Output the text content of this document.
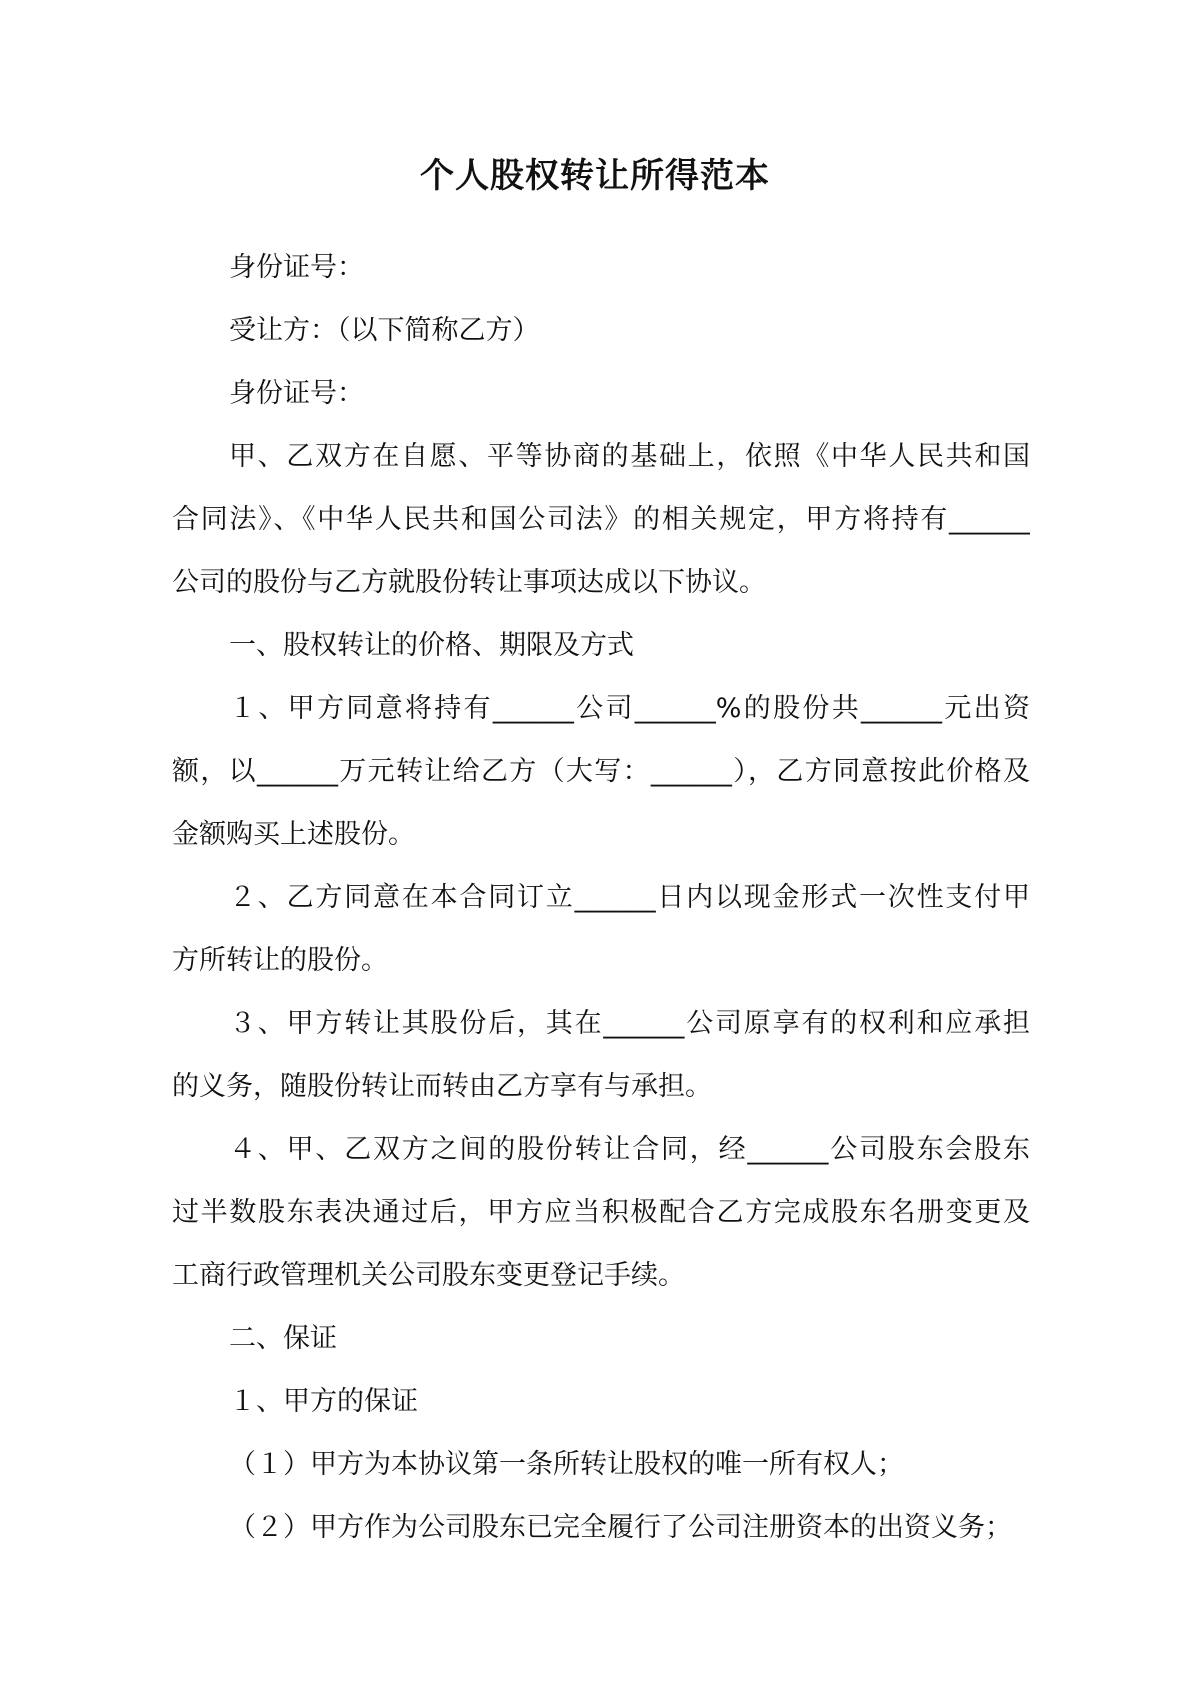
个人股权转让所得范本
身份证号：
受让方：（以下简称乙方）
身份证号：
甲、乙双方在自愿、平等协商的基础上，依照《中华人民共和国
合同法》、《中华人民共和国公司法》的相关规定，甲方将持有______
公司的股份与乙方就股份转让事项达成以下协议。
一、股权转让的价格、期限及方式
１、甲方同意将持有______公司______%的股份共______元出资
额，以______万元转让给乙方（大写：______），乙方同意按此价格及
金额购买上述股份。
２、乙方同意在本合同订立______日内以现金形式一次性支付甲
方所转让的股份。
３、甲方转让其股份后，其在______公司原享有的权利和应承担
的义务，随股份转让而转由乙方享有与承担。
４、甲、乙双方之间的股份转让合同，经______公司股东会股东
过半数股东表决通过后，甲方应当积极配合乙方完成股东名册变更及
工商行政管理机关公司股东变更登记手续。
二、保证
１、甲方的保证
（１）甲方为本协议第一条所转让股权的唯一所有权人；
（２）甲方作为公司股东已完全履行了公司注册资本的出资义务；
